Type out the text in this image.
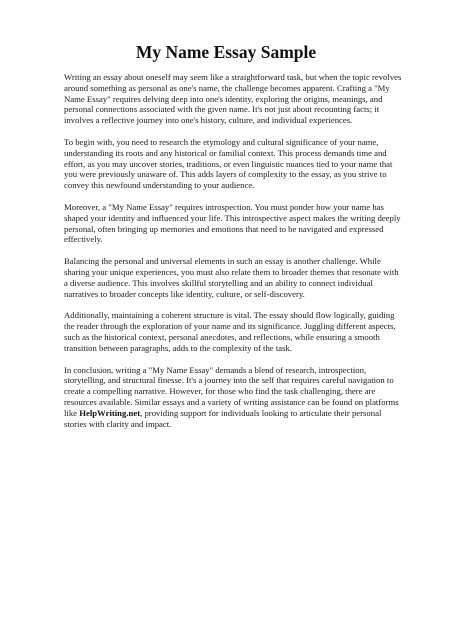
My Name Essay Sample

Writing an essay about oneself may seem like a straightforward task, but when the topic revolves
around something as personal as one's name, the challenge becomes apparent. Crafting a "My
Name Essay" requires delving deep into one's identity, exploring the origins, meanings, and
personal connections associated with the given name. It's not just about recounting facts; it
involves a reflective journey into one's history, culture, and individual experiences.

To begin with, you need to research the etymology and cultural significance of your name,
understanding its roots and any historical or familial context. This process demands time and
effort, as you may uncover stories, traditions, or even linguistic nuances tied to your name that
you were previously unaware of. This adds layers of complexity to the essay, as you strive to
convey this newfound understanding to your audience.

Moreover, a "My Name Essay" requires introspection. You must ponder how your name has
shaped your identity and influenced your life. This introspective aspect makes the writing deeply
personal, often bringing up memories and emotions that need to be navigated and expressed
effectively.

Balancing the personal and universal elements in such an essay is another challenge. While
sharing your unique experiences, you must also relate them to broader themes that resonate with
a diverse audience. This involves skillful storytelling and an ability to connect individual
narratives to broader concepts like identity, culture, or self-discovery.

Additionally, maintaining a coherent structure is vital. The essay should flow logically, guiding
the reader through the exploration of your name and its significance. Juggling different aspects,
such as the historical context, personal anecdotes, and reflections, while ensuring a smooth
transition between paragraphs, adds to the complexity of the task.

In conclusion, writing a "My Name Essay" demands a blend of research, introspection,
storytelling, and structural finesse. It's a journey into the self that requires careful navigation to
create a compelling narrative. However, for those who find the task challenging, there are
resources available. Similar essays and a variety of writing assistance can be found on platforms
like HelpWriting.net, providing support for individuals looking to articulate their personal
stories with clarity and impact.
